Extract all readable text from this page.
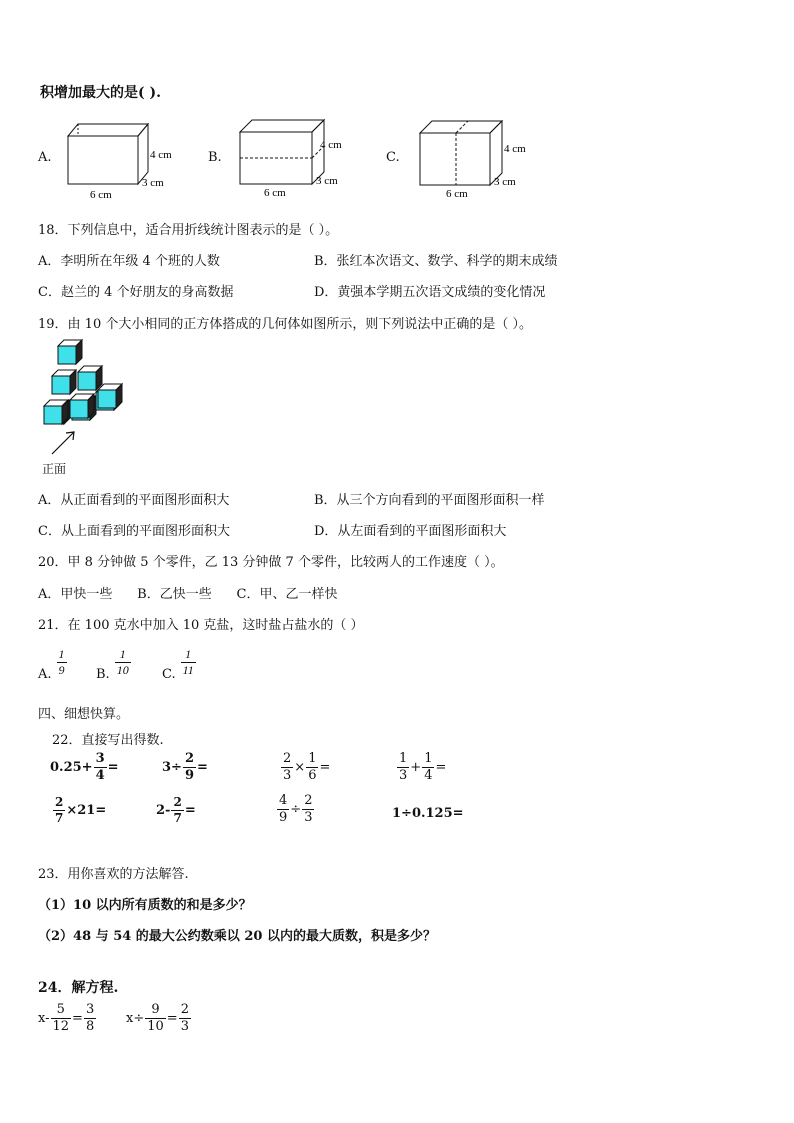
积增加最大的是( ).
A.	4 cm
3 cm
6 cm
B.
4 cm
3 cm
6 cm
C.
4 cm
3 cm
6 cm
18．下列信息中，适合用折线统计图表示的是（ ）。
A．李明所在年级 4 个班的人数	B．张红本次语文、数学、科学的期末成绩
C．赵兰的 4 个好朋友的身高数据	D．黄强本学期五次语文成绩的变化情况
19．由 10 个大小相同的正方体搭成的几何体如图所示，则下列说法中正确的是（ ）。
正面
A．从正面看到的平面图形面积大	B．从三个方向看到的平面图形面积一样
C．从上面看到的平面图形面积大	D．从左面看到的平面图形面积大
20．甲 8 分钟做 5 个零件，乙 13 分钟做 7 个零件，比较两人的工作速度（ ）。
A．甲快一些      B．乙快一些      C．甲、乙一样快
21．在 100 克水中加入 10 克盐，这时盐占盐水的（ ）
A. $\frac{1}{9} B$. $\frac{1}{10} C$. $\frac{1}{11}$
四、细想快算。
22．直接写出得数.
$0.25+ \frac{3}{4}$ =	$3\div \frac{2}{9}$ =	$\frac{2}{3} \times \frac{1}{6}$ =	$\frac{1}{3} + \frac{1}{4}$ =
$\frac{2}{7} \times 21=$	$2- \frac{2}{7}$ =	$\frac{4}{9} \div \frac{2}{3}$	1÷0.125=
23．用你喜欢的方法解答.
（1）10 以内所有质数的和是多少？
（2）48 与 54 的最大公约数乘以 20 以内的最大质数，积是多少？
24．解方程.
$x- \frac{5}{12} = \frac{3}{8} x\div \frac{9}{10} = \frac{2}{3}$
